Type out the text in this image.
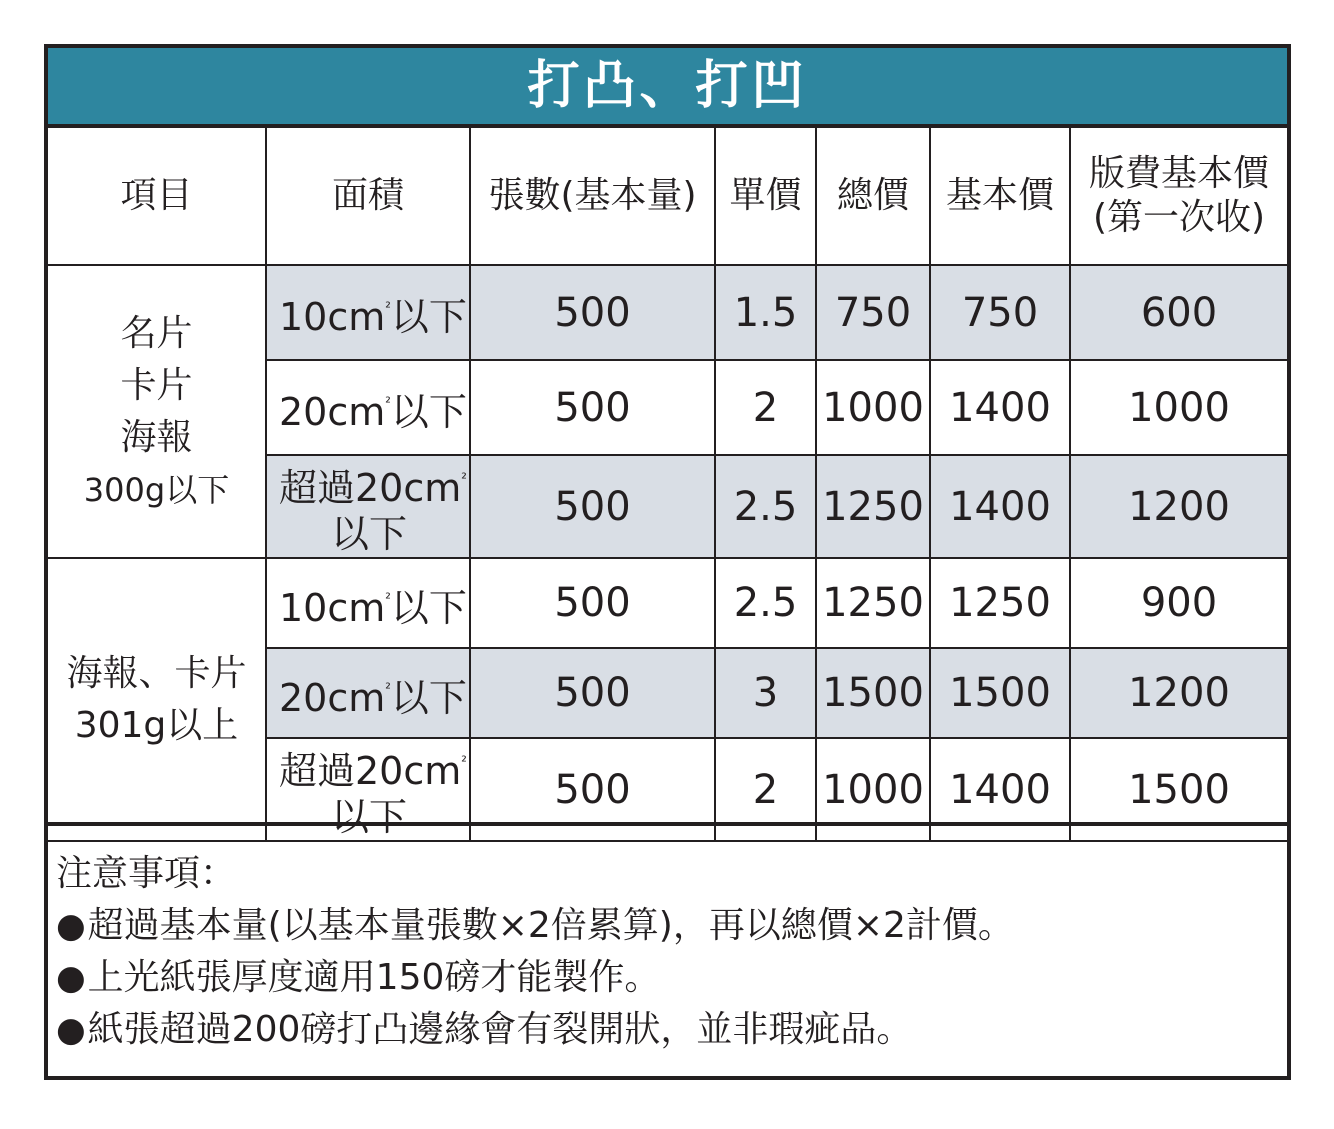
打凸、打凹
項目	面積	張數(基本量)	單價	總價	基本價	版費基本價
(第一次收)

名片
卡片
海報
300g以下	$10cm^{^2}$以下	500	1.5	750	750	600
	$20cm^{^2}$以下	500	2	1000	1400	1000
	超過$20cm^{^2}$
以下	500	2.5	1250	1400	1200

海報、卡片
301g以上	$10cm^{^2}$以下	500	2.5	1250	1250	900
	$20cm^{^2}$以下	500	3	1500	1500	1200
	超過$20cm^{^2}$
以下	500	2	1000	1400	1500
注意事項：
●超過基本量(以基本量張數×2倍累算)，再以總價×2計價。
●上光紙張厚度適用150磅才能製作。
●紙張超過200磅打凸邊緣會有裂開狀，並非瑕疵品。
